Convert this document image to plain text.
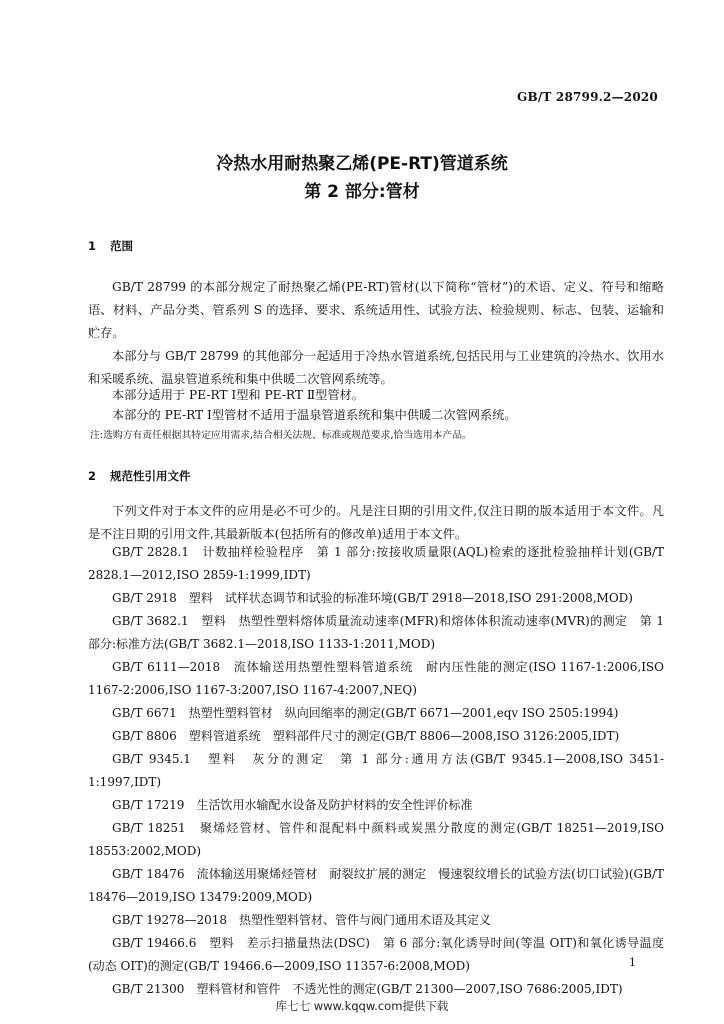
GB/T 28799.2—2020
冷热水用耐热聚乙烯(PE-RT)管道系统
第 2 部分:管材
1 范围
GB/T 28799 的本部分规定了耐热聚乙烯(PE-RT)管材(以下简称“管材”)的术语、定义、符号和缩略语、材料、产品分类、管系列 S 的选择、要求、系统适用性、试验方法、检验规则、标志、包装、运输和贮存。
本部分与 GB/T 28799 的其他部分一起适用于冷热水管道系统,包括民用与工业建筑的冷热水、饮用水和采暖系统、温泉管道系统和集中供暖二次管网系统等。
本部分适用于 PE-RT Ⅰ型和 PE-RT Ⅱ型管材。
本部分的 PE-RT Ⅰ型管材不适用于温泉管道系统和集中供暖二次管网系统。
注:选购方有责任根据其特定应用需求,结合相关法规、标准或规范要求,恰当选用本产品。
2 规范性引用文件
下列文件对于本文件的应用是必不可少的。凡是注日期的引用文件,仅注日期的版本适用于本文件。凡是不注日期的引用文件,其最新版本(包括所有的修改单)适用于本文件。
GB/T 2828.1　计数抽样检验程序　第 1 部分:按接收质量限(AQL)检索的逐批检验抽样计划(GB/T 2828.1—2012,ISO 2859-1:1999,IDT)
GB/T 2918　塑料　试样状态调节和试验的标准环境(GB/T 2918—2018,ISO 291:2008,MOD)
GB/T 3682.1　塑料　热塑性塑料熔体质量流动速率(MFR)和熔体体积流动速率(MVR)的测定　第 1 部分:标准方法(GB/T 3682.1—2018,ISO 1133-1:2011,MOD)
GB/T 6111—2018　流体输送用热塑性塑料管道系统　耐内压性能的测定(ISO 1167-1:2006,ISO 1167-2:2006,ISO 1167-3:2007,ISO 1167-4:2007,NEQ)
GB/T 6671　热塑性塑料管材　纵向回缩率的测定(GB/T 6671—2001,eqv ISO 2505:1994)
GB/T 8806　塑料管道系统　塑料部件尺寸的测定(GB/T 8806—2008,ISO 3126:2005,IDT)
GB/T 9345.1　塑料　灰分的测定　第 1 部分:通用方法(GB/T 9345.1—2008,ISO 3451-1:1997,IDT)
GB/T 17219　生活饮用水输配水设备及防护材料的安全性评价标准
GB/T 18251　聚烯烃管材、管件和混配料中颜料或炭黑分散度的测定(GB/T 18251—2019,ISO 18553:2002,MOD)
GB/T 18476　流体输送用聚烯烃管材　耐裂纹扩展的测定　慢速裂纹增长的试验方法(切口试验)(GB/T 18476—2019,ISO 13479:2009,MOD)
GB/T 19278—2018　热塑性塑料管材、管件与阀门通用术语及其定义
GB/T 19466.6　塑料　差示扫描量热法(DSC)　第 6 部分:氧化诱导时间(等温 OIT)和氧化诱导温度(动态 OIT)的测定(GB/T 19466.6—2009,ISO 11357-6:2008,MOD)
GB/T 21300　塑料管材和管件　不透光性的测定(GB/T 21300—2007,ISO 7686:2005,IDT)
1
库七七 www.kqqw.com提供下载
